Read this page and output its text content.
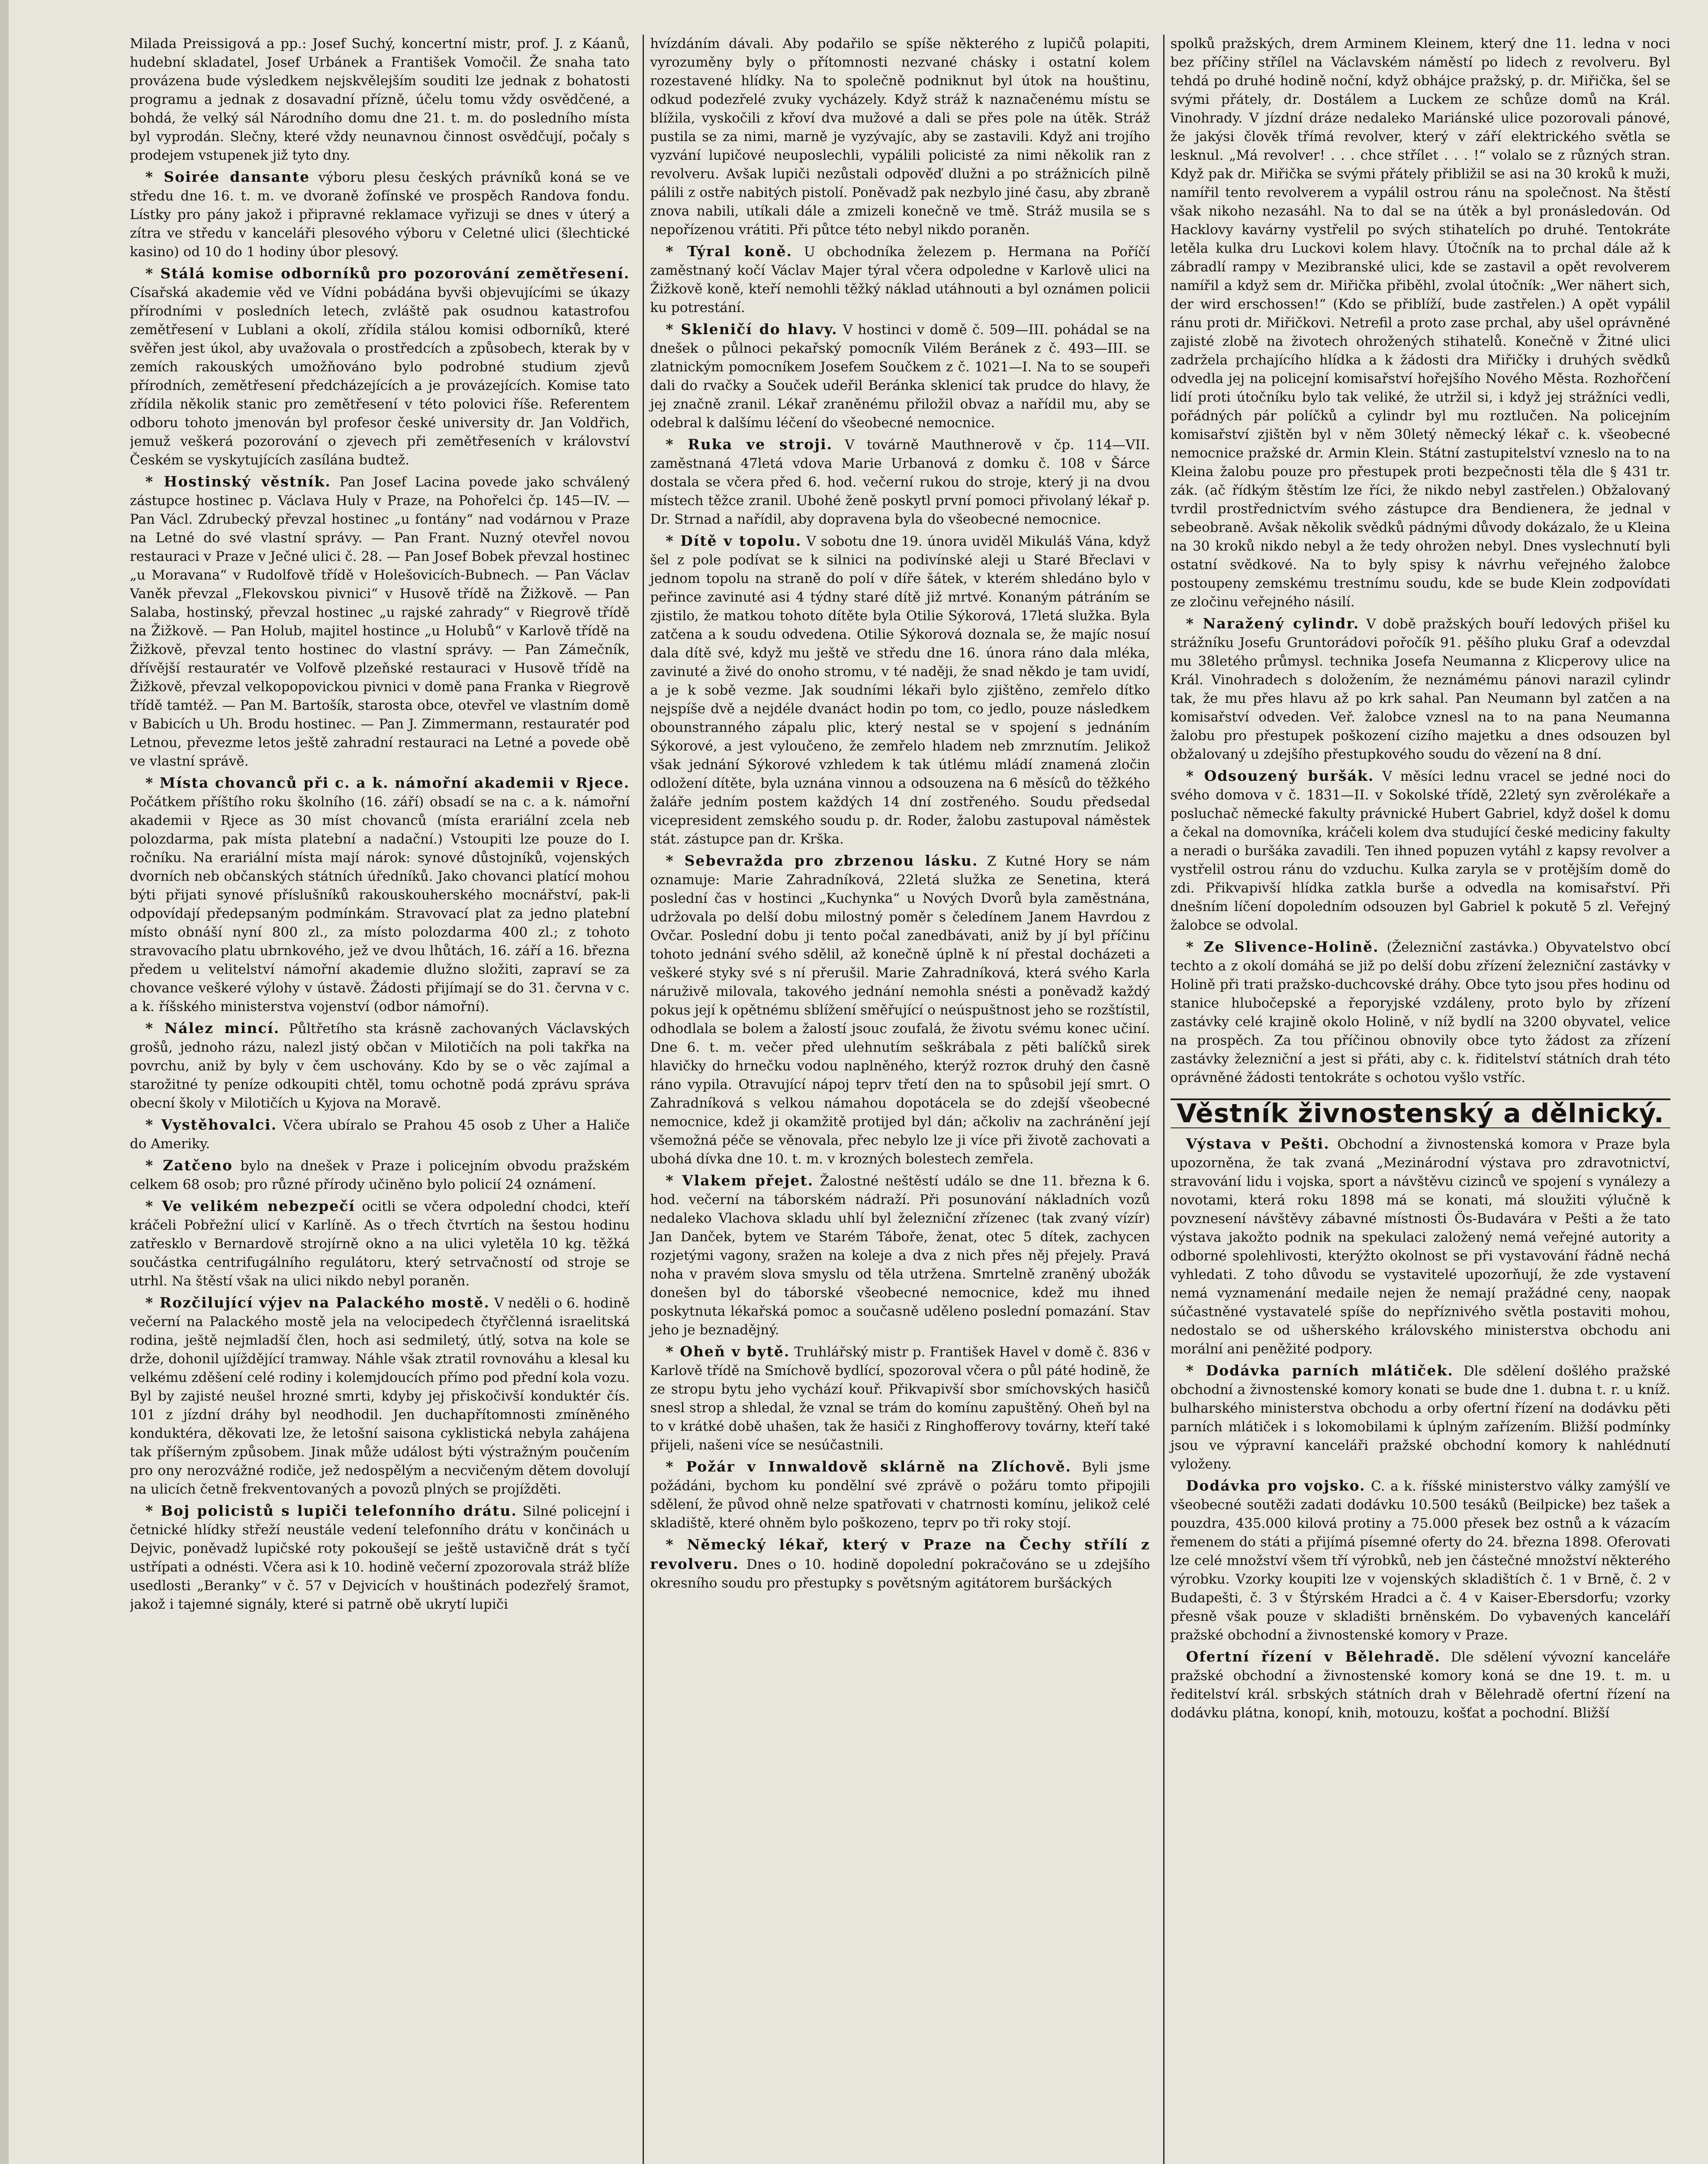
Milada Preissigová a pp.: Josef Suchý, koncertní mistr, prof. J. z Káanů, hudební skladatel, Josef Urbánek a František Vomočil. Že snaha tato provázena bude výsledkem nejskvělejším souditi lze jednak z bohatosti programu a jednak z dosavadní přízně, účelu tomu vždy osvědčené, a bohdá, že velký sál Národního domu dne 21. t. m. do posledního místa byl vyprodán. Slečny, které vždy neunavnou činnost osvědčují, počaly s prodejem vstupenek již tyto dny.

* Soirée dansante výboru plesu českých právníků koná se ve středu dne 16. t. m. ve dvoraně žofínské ve prospěch Randova fondu. Lístky pro pány jakož i připravné reklamace vyřizuji se dnes v úterý a zítra ve středu v kanceláři plesového výboru v Celetné ulici (šlechtické kasino) od 10 do 1 hodiny úbor plesový.

* Stálá komise odborníků pro pozorování zemětřesení. Císařská akademie věd ve Vídni pobádána byvši objevujícími se úkazy přírodními v posledních letech, zvláště pak osudnou katastrofou zemětřesení v Lublani a okolí, zřídila stálou komisi odborníků, které svěřen jest úkol, aby uvažovala o prostředcích a způsobech, kterak by v zemích rakouských umožňováno bylo podrobné studium zjevů přírodních, zemětřesení předcházejících a je provázejících. Komise tato zřídila několik stanic pro zemětřesení v této polovici říše. Referentem odboru tohoto jmenován byl profesor české university dr. Jan Voldřich, jemuž veškerá pozorování o zjevech při zemětřeseních v království Českém se vyskytujících zasílána budtež.

* Hostinský věstník. Pan Josef Lacina povede jako schválený zástupce hostinec p. Václava Huly v Praze, na Pohořelci čp. 145—IV. — Pan Václ. Zdrubecký převzal hostinec „u fontány“ nad vodárnou v Praze na Letné do své vlastní správy. — Pan Frant. Nuzný otevřel novou restauraci v Praze v Ječné ulici č. 28. — Pan Josef Bobek převzal hostinec „u Moravana“ v Rudolfově třídě v Holešovicích-Bubnech. — Pan Václav Vaněk převzal „Flekovskou pivnici“ v Husově třídě na Žižkově. — Pan Salaba, hostinský, převzal hostinec „u rajské zahrady“ v Riegrově třídě na Žižkově. — Pan Holub, majitel hostince „u Holubů“ v Karlově třídě na Žižkově, převzal tento hostinec do vlastní správy. — Pan Zámečník, dřívější restauratér ve Volfově plzeňské restauraci v Husově třídě na Žižkově, převzal velkopopovickou pivnici v domě pana Franka v Riegrově třídě tamtéž. — Pan M. Bartošík, starosta obce, otevřel ve vlastním domě v Babicích u Uh. Brodu hostinec. — Pan J. Zimmermann, restauratér pod Letnou, převezme letos ještě zahradní restauraci na Letné a povede obě ve vlastní správě.

* Místa chovanců při c. a k. námořní akademii v Rjece. Počátkem příštího roku školního (16. září) obsadí se na c. a k. námořní akademii v Rjece as 30 míst chovanců (místa erariální zcela neb polozdarma, pak místa platební a nadační.) Vstoupiti lze pouze do I. ročníku. Na erariální místa mají nárok: synové důstojníků, vojenských dvorních neb občanských státních úředníků. Jako chovanci platící mohou býti přijati synové příslušníků rakouskouherského mocnářství, pak-li odpovídají předepsaným podmínkám. Stravovací plat za jedno platební místo obnáší nyní 800 zl., za místo polozdarma 400 zl.; z tohoto stravovacího platu ubrnkového, jež ve dvou lhůtách, 16. září a 16. března předem u velitelství námořní akademie dlužno složiti, zapraví se za chovance veškeré výlohy v ústavě. Žádosti přijímají se do 31. června v c. a k. říšského ministerstva vojenství (odbor námořní).

* Nález mincí. Půltřetího sta krásně zachovaných Václavských grošů, jednoho rázu, nalezl jistý občan v Milotičích na poli takřka na povrchu, aniž by byly v čem uschovány. Kdo by se o věc zajímal a starožitné ty peníze odkoupiti chtěl, tomu ochotně podá zprávu správa obecní školy v Milotičích u Kyjova na Moravě.

* Vystěhovalci. Včera ubíralo se Prahou 45 osob z Uher a Haliče do Ameriky.

* Zatčeno bylo na dnešek v Praze i policejním obvodu pražském celkem 68 osob; pro různé přírody učiněno bylo policií 24 oznámení.

* Ve velikém nebezpečí ocitli se včera odpolední chodci, kteří kráčeli Pobřežní ulicí v Karlíně. As o třech čtvrtích na šestou hodinu zatřesklo v Bernardově strojírně okno a na ulici vyletěla 10 kg. těžká součástka centrifugálního regulátoru, který setrvačností od stroje se utrhl. Na štěstí však na ulici nikdo nebyl poraněn.

* Rozčilující výjev na Palackého mostě. V neděli o 6. hodině večerní na Palackého mostě jela na velocipedech čtyřčlenná israelitská rodina, ještě nejmladší člen, hoch asi sedmiletý, útlý, sotva na kole se drže, dohonil ujíždějící tramway. Náhle však ztratil rovnováhu a klesal ku velkému zděšení celé rodiny i kolemjdoucích přímo pod přední kola vozu. Byl by zajisté neušel hrozné smrti, kdyby jej přiskočivší konduktér čís. 101 z jízdní dráhy byl neodhodil. Jen duchapřítomnosti zmíněného konduktéra, děkovati lze, že letošní saisona cyklistická nebyla zahájena tak příšerným způsobem. Jinak může událost býti výstražným poučením pro ony nerozvážné rodiče, jež nedospělým a necvičeným dětem dovolují na ulicích četně frekventovaných a povozů plných se projížděti.

* Boj policistů s lupiči telefonního drátu. Silné policejní i četnické hlídky střeží neustále vedení telefonního drátu v končinách u Dejvic, poněvadž lupičské roty pokoušejí se ještě ustavičně drát s tyčí ustřípati a odnésti. Včera asi k 10. hodině večerní zpozorovala stráž blíže usedlosti „Beranky“ v č. 57 v Dejvicích v houštinách podezřelý šramot, jakož i tajemné signály, které si patrně obě ukrytí lupiči

hvízdáním dávali. Aby podařilo se spíše některého z lupičů polapiti, vyrozuměny byly o přítomnosti nezvané chásky i ostatní kolem rozestavené hlídky. Na to společně podniknut byl útok na houštinu, odkud podezřelé zvuky vycházely. Když stráž k naznačenému místu se blížila, vyskočili z křoví dva mužové a dali se přes pole na útěk. Stráž pustila se za nimi, marně je vyzývajíc, aby se zastavili. Když ani trojího vyzvání lupičové neuposlechli, vypálili policisté za nimi několik ran z revolveru. Avšak lupiči nezůstali odpověď dlužni a po strážnicích pilně pálili z ostře nabitých pistolí. Poněvadž pak nezbylo jiné času, aby zbraně znova nabili, utíkali dále a zmizeli konečně ve tmě. Stráž musila se s nepořízenou vrátiti. Při půtce této nebyl nikdo poraněn.

* Týral koně. U obchodníka železem p. Hermana na Poříčí zaměstnaný kočí Václav Majer týral včera odpoledne v Karlově ulici na Žižkově koně, kteří nemohli těžký náklad utáhnouti a byl oznámen policii ku potrestání.

* Skleničí do hlavy. V hostinci v domě č. 509—III. pohádal se na dnešek o půlnoci pekařský pomocník Vilém Beránek z č. 493—III. se zlatnickým pomocníkem Josefem Součkem z č. 1021—I. Na to se soupeři dali do rvačky a Souček udeřil Beránka sklenicí tak prudce do hlavy, že jej značně zranil. Lékař zraněnému přiložil obvaz a nařídil mu, aby se odebral k dalšímu léčení do všeobecné nemocnice.

* Ruka ve stroji. V továrně Mauthnerově v čp. 114—VII. zaměstnaná 47letá vdova Marie Urbanová z domku č. 108 v Šárce dostala se včera před 6. hod. večerní rukou do stroje, který ji na dvou místech těžce zranil. Ubohé ženě poskytl první pomoci přivolaný lékař p. Dr. Strnad a nařídil, aby dopravena byla do všeobecné nemocnice.

* Dítě v topolu. V sobotu dne 19. února uviděl Mikuláš Vána, když šel z pole podívat se k silnici na podivínské aleji u Staré Břeclavi v jednom topolu na straně do polí v díře šátek, v kterém shledáno bylo v peřince zavinuté asi 4 týdny staré dítě již mrtvé. Konaným pátráním se zjistilo, že matkou tohoto dítěte byla Otilie Sýkorová, 17letá služka. Byla zatčena a k soudu odvedena. Otilie Sýkorová doznala se, že majíc nosuí dala dítě své, když mu ještě ve středu dne 16. února ráno dala mléka, zavinuté a živé do onoho stromu, v té naději, že snad někdo je tam uvidí, a je k sobě vezme. Jak soudními lékaři bylo zjištěno, zemřelo dítko nejspíše dvě a nejdéle dvanáct hodin po tom, co jedlo, pouze následkem obounstranného zápalu plic, který nestal se v spojení s jednáním Sýkorové, a jest vyloučeno, že zemřelo hladem neb zmrznutím. Jelikož však jednání Sýkorové vzhledem k tak útlému mládí znamená zločin odložení dítěte, byla uznána vinnou a odsouzena na 6 měsíců do těžkého žaláře jedním postem každých 14 dní zostřeného. Soudu předsedal vicepresident zemského soudu p. dr. Roder, žalobu zastupoval náměstek stát. zástupce pan dr. Krška.

* Sebevražda pro zbrzenou lásku. Z Kutné Hory se nám oznamuje: Marie Zahradníková, 22letá služka ze Senetina, která poslední čas v hostinci „Kuchynka“ u Nových Dvorů byla zaměstnána, udržovala po delší dobu milostný poměr s čeledínem Janem Havrdou z Ovčar. Poslední dobu ji tento počal zanedbávati, aniž by jí byl příčinu tohoto jednání svého sdělil, až konečně úplně k ní přestal docházeti a veškeré styky své s ní přerušil. Marie Zahradníková, která svého Karla náruživě milovala, takového jednání nemohla snésti a poněvadž každý pokus její k opětnému sblížení směřující o neúspuštnost jeho se rozštístil, odhodlala se bolem a žalostí jsouc zoufalá, že životu svému konec učiní. Dne 6. t. m. večer před ulehnutím seškrábala z pěti balíčků sirek hlavičky do hrnečku vodou naplněného, kterýž rozток druhý den časně ráno vypila. Otravující nápoj teprv třetí den na to spůsobil její smrt. O Zahradníková s velkou námahou dopotácela se do zdejší všeobecné nemocnice, kdež ji okamžitě protijed byl dán; ačkoliv na zachránění její všemožná péče se věnovala, přec nebylo lze ji více při životě zachovati a ubohá dívka dne 10. t. m. v krozných bolestech zemřela.

* Vlakem přejet. Žalostné neštěstí událo se dne 11. března k 6. hod. večerní na táborském nádraží. Při posunování nákladních vozů nedaleko Vlachova skladu uhlí byl železniční zřízenec (tak zvaný vízír) Jan Danček, bytem ve Starém Táboře, ženat, otec 5 dítek, zachycen rozjetými vagony, sražen na koleje a dva z nich přes něj přejely. Pravá noha v pravém slova smyslu od těla utržena. Smrtelně zraněný ubožák donešen byl do táborské všeobecné nemocnice, kdež mu ihned poskytnuta lékařská pomoc a současně uděleno poslední pomazání. Stav jeho je beznadějný.

* Oheň v bytě. Truhlářský mistr p. František Havel v domě č. 836 v Karlově třídě na Smíchově bydlící, spozoroval včera o půl páté hodině, že ze stropu bytu jeho vychází kouř. Přikvapivší sbor smíchovských hasičů snesl strop a shledal, že vznal se trám do komínu zapuštěný. Oheň byl na to v krátké době uhašen, tak že hasiči z Ringhofferovy továrny, kteří také přijeli, našeni více se nesúčastnili.

* Požár v Innwaldově sklárně na Zlíchově. Byli jsme požádáni, bychom ku pondělní své zprávě o požáru tomto připojili sdělení, že původ ohně nelze spatřovati v chatrnosti komínu, jelikož celé skladiště, které ohněm bylo poškozeno, teprv po tři roky stojí.

* Německý lékař, který v Praze na Čechy střílí z revolveru. Dnes o 10. hodině dopolední pokračováno se u zdejšího okresního soudu pro přestupky s povětsným agitátorem buršáckých

spolků pražských, drem Arminem Kleinem, který dne 11. ledna v noci bez příčiny střílel na Václavském náměstí po lidech z revolveru. Byl tehdá po druhé hodině noční, když obhájce pražský, p. dr. Miřička, šel se svými přátely, dr. Dostálem a Luckem ze schůze domů na Král. Vinohrady. V jízdní dráze nedaleko Mariánské ulice pozorovali pánové, že jakýsi člověk třímá revolver, který v září elektrického světla se lesknul. „Má revolver! . . . chce střílet . . . !“ volalo se z různých stran. Když pak dr. Miřička se svými přátely přibližil se asi na 30 kroků k muži, namířil tento revolverem a vypálil ostrou ránu na společnost. Na štěstí však nikoho nezasáhl. Na to dal se na útěk a byl pronásledován. Od Hacklovy kavárny vystřelil po svých stihatelích po druhé. Tentokráte letěla kulka dru Luckovi kolem hlavy. Útočník na to prchal dále až k zábradlí rampy v Mezibranské ulici, kde se zastavil a opět revolverem namířil a když sem dr. Miřička přiběhl, zvolal útočník: „Wer nähert sich, der wird erschossen!“ (Kdo se přiblíží, bude zastřelen.) A opět vypálil ránu proti dr. Miřičkovi. Netrefil a proto zase prchal, aby ušel oprávněné zajisté zlobě na životech ohrožených stihatelů. Konečně v Žitné ulici zadržela prchajícího hlídka a k žádosti dra Miřičky i druhých svědků odvedla jej na policejní komisařství hořejšího Nového Města. Rozhořčení lidí proti útočníku bylo tak veliké, že utržil si, i když jej strážníci vedli, pořádných pár políčků a cylindr byl mu roztlučen. Na policejním komisařství zjištěn byl v něm 30letý německý lékař c. k. všeobecné nemocnice pražské dr. Armin Klein. Státní zastupitelství vzneslo na to na Kleina žalobu pouze pro přestupek proti bezpečnosti těla dle § 431 tr. zák. (ač řídkým štěstím lze říci, že nikdo nebyl zastřelen.) Obžalovaný tvrdil prostřednictvím svého zástupce dra Bendienera, že jednal v sebeobraně. Avšak několik svědků pádnými důvody dokázalo, že u Kleina na 30 kroků nikdo nebyl a že tedy ohrožen nebyl. Dnes vyslechnutí byli ostatní svědkové. Na to byly spisy k návrhu veřejného žalobce postoupeny zemskému trestnímu soudu, kde se bude Klein zodpovídati ze zločinu veřejného násilí.

* Naražený cylindr. V době pražských bouří ledových přišel ku strážníku Josefu Gruntorádovi pořočík 91. pěšího pluku Graf a odevzdal mu 38letého průmysl. technika Josefa Neumanna z Klicperovy ulice na Král. Vinohradech s doložením, že neznámému pánovi narazil cylindr tak, že mu přes hlavu až po krk sahal. Pan Neumann byl zatčen a na komisařství odveden. Veř. žalobce vznesl na to na pana Neumanna žalobu pro přestupek poškození cizího majetku a dnes odsouzen byl obžalovaný u zdejšího přestupkového soudu do vězení na 8 dní.

* Odsouzený buršák. V měsíci lednu vracel se jedné noci do svého domova v č. 1831—II. v Sokolské třídě, 22letý syn zvěrolékaře a posluchač německé fakulty právnické Hubert Gabriel, když došel k domu a čekal na domovníka, kráčeli kolem dva studující české mediciny fakulty a neradi o buršáka zavadili. Ten ihned popuzen vytáhl z kapsy revolver a vystřelil ostrou ránu do vzduchu. Kulka zaryla se v protějším domě do zdi. Přikvapivší hlídka zatkla burše a odvedla na komisařství. Při dnešním líčení dopoledním odsouzen byl Gabriel k pokutě 5 zl. Veřejný žalobce se odvolal.

* Ze Slivence-Holině. (Železniční zastávka.) Obyvatelstvo obcí techto a z okolí domáhá se již po delší dobu zřízení železniční zastávky v Holině při trati pražsko-duchcovské dráhy. Obce tyto jsou přes hodinu od stanice hlubočepské a řeporyjské vzdáleny, proto bylo by zřízení zastávky celé krajině okolo Holině, v níž bydlí na 3200 obyvatel, velice na prospěch. Za tou příčinou obnovily obce tyto žádost za zřízení zastávky železniční a jest si přáti, aby c. k. řiditelství státních drah této oprávněné žádosti tentokráte s ochotou vyšlo vstříc.

Věstník živnostenský a dělnický.

Výstava v Pešti. Obchodní a živnostenská komora v Praze byla upozorněna, že tak zvaná „Mezinárodní výstava pro zdravotnictví, stravování lidu i vojska, sport a návštěvu cizinců ve spojení s vynálezy a novotami, která roku 1898 má se konati, má sloužiti výlučně k povznesení návštěvy zábavné místnosti Ös-Budavára v Pešti a že tato výstava jakožto podnik na spekulaci založený nemá veřejné autority a odborné spolehlivosti, kterýžto okolnost se při vystavování řádně nechá vyhledati. Z toho důvodu se vystavitelé upozorňují, že zde vystavení nemá vyznamenání medaile nejen že nemají pražádné ceny, naopak súčastněné vystavatelé spíše do nepříznivého světla postaviti mohou, nedostalo se od ušherského královského ministerstva obchodu ani morální ani peněžité podpory.

* Dodávka parních mlátiček. Dle sdělení došlého pražské obchodní a živnostenské komory konati se bude dne 1. dubna t. r. u kníž. bulharského ministerstva obchodu a orby ofertní řízení na dodávku pěti parních mlátiček i s lokomobilami k úplným zařízením. Bližší podmínky jsou ve výpravní kanceláři pražské obchodní komory k nahlédnutí vyloženy.

Dodávka pro vojsko. C. a k. říšské ministerstvo války zamýšlí ve všeobecné soutěži zadati dodávku 10.500 tesáků (Beilpicke) bez tašek a pouzdra, 435.000 kilová protiny a 75.000 přesek bez ostnů a k vázacím řemenem do státi a přijímá písemné oferty do 24. března 1898. Oferovati lze celé množství všem tří výrobků, neb jen částečné množství některého výrobku. Vzorky koupiti lze v vojenských skladištích č. 1 v Brně, č. 2 v Budapešti, č. 3 v Štýrském Hradci a č. 4 v Kaiser-Ebersdorfu; vzorky přesně však pouze v skladišti brněnském. Do vybavených kanceláří pražské obchodní a živnostenské komory v Praze.

Ofertní řízení v Bělehradě. Dle sdělení vývozní kanceláře pražské obchodní a živnostenské komory koná se dne 19. t. m. u ředitelství král. srbských státních drah v Bělehradě ofertní řízení na dodávku plátna, konopí, knih, motouzu, košťat a pochodní. Bližší
